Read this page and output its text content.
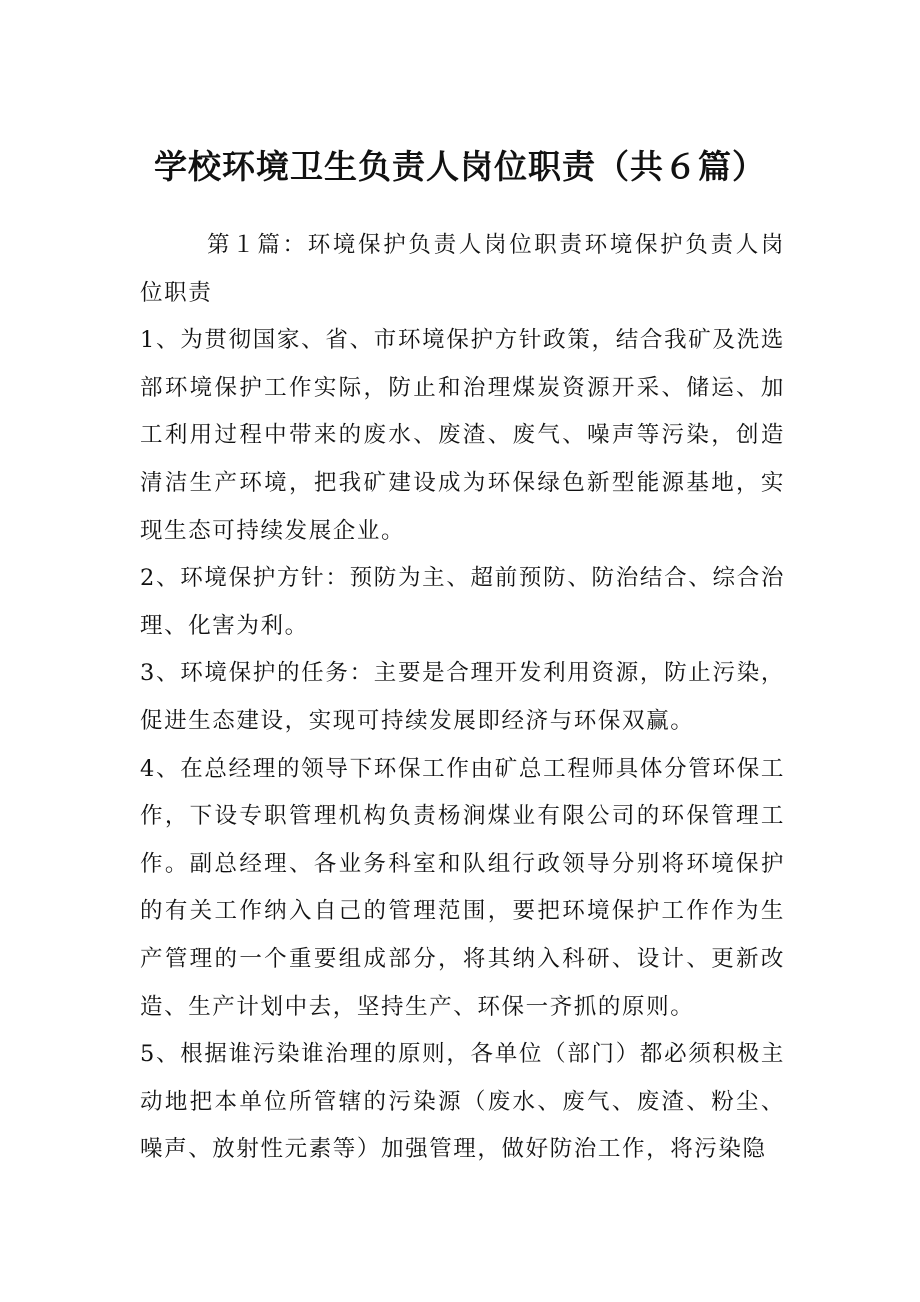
学校环境卫生负责人岗位职责（共６篇）

第１篇：环境保护负责人岗位职责环境保护负责人岗位职责

1、为贯彻国家、省、市环境保护方针政策，结合我矿及洗选部环境保护工作实际，防止和治理煤炭资源开采、储运、加工利用过程中带来的废水、废渣、废气、噪声等污染，创造清洁生产环境，把我矿建设成为环保绿色新型能源基地，实现生态可持续发展企业。

2、环境保护方针：预防为主、超前预防、防治结合、综合治理、化害为利。

3、环境保护的任务：主要是合理开发利用资源，防止污染，促进生态建设，实现可持续发展即经济与环保双赢。

4、在总经理的领导下环保工作由矿总工程师具体分管环保工作，下设专职管理机构负责杨涧煤业有限公司的环保管理工作。副总经理、各业务科室和队组行政领导分别将环境保护的有关工作纳入自己的管理范围，要把环境保护工作作为生产管理的一个重要组成部分，将其纳入科研、设计、更新改造、生产计划中去，坚持生产、环保一齐抓的原则。

5、根据谁污染谁治理的原则，各单位（部门）都必须积极主动地把本单位所管辖的污染源（废水、废气、废渣、粉尘、噪声、放射性元素等）加强管理，做好防治工作，将污染隐
